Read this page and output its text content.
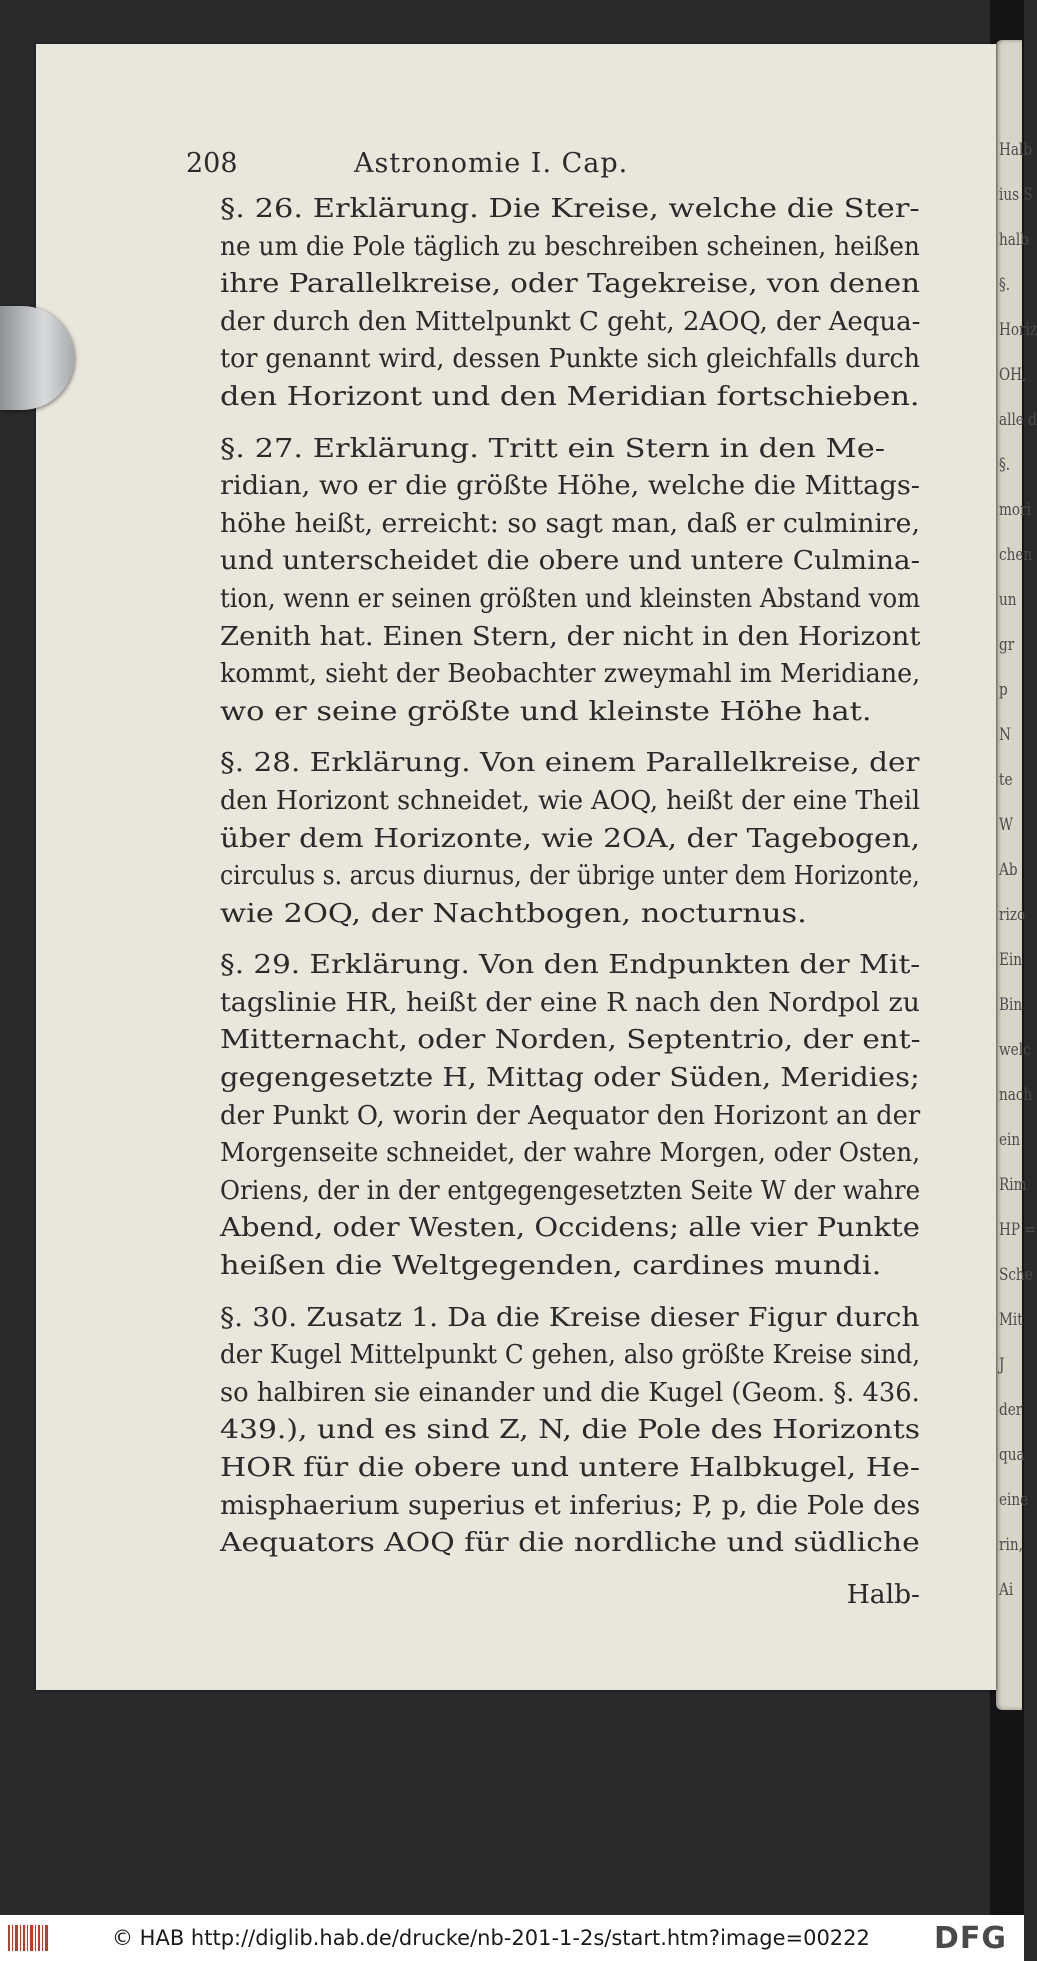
Halb
ius S
halb
§.
Horiz
OH,
alle d
§.
mori
chen
un
gr
p
N
te
W
Ab
rizo
Ein
Bin
welc
nach
ein
Rim
HP =
Sche
Mit
J
der
qua
eine
rin,
Ai
208	Astronomie I. Cap.
§. 26. Erklärung. Die Kreise, welche die Ster-
ne um die Pole täglich zu beschreiben scheinen, heißen
ihre Parallelkreise, oder Tagekreise, von denen
der durch den Mittelpunkt C geht, 2AOQ, der Aequa-
tor genannt wird, dessen Punkte sich gleichfalls durch
den Horizont und den Meridian fortschieben.
§. 27. Erklärung. Tritt ein Stern in den Me-
ridian, wo er die größte Höhe, welche die Mittags-
höhe heißt, erreicht: so sagt man, daß er culminire,
und unterscheidet die obere und untere Culmina-
tion, wenn er seinen größten und kleinsten Abstand vom
Zenith hat. Einen Stern, der nicht in den Horizont
kommt, sieht der Beobachter zweymahl im Meridiane,
wo er seine größte und kleinste Höhe hat.
§. 28. Erklärung. Von einem Parallelkreise, der
den Horizont schneidet, wie AOQ, heißt der eine Theil
über dem Horizonte, wie 2OA, der Tagebogen,
circulus s. arcus diurnus, der übrige unter dem Horizonte,
wie 2OQ, der Nachtbogen, nocturnus.
§. 29. Erklärung. Von den Endpunkten der Mit-
tagslinie HR, heißt der eine R nach den Nordpol zu
Mitternacht, oder Norden, Septentrio, der ent-
gegengesetzte H, Mittag oder Süden, Meridies;
der Punkt O, worin der Aequator den Horizont an der
Morgenseite schneidet, der wahre Morgen, oder Osten,
Oriens, der in der entgegengesetzten Seite W der wahre
Abend, oder Westen, Occidens; alle vier Punkte
heißen die Weltgegenden, cardines mundi.
§. 30. Zusatz 1. Da die Kreise dieser Figur durch
der Kugel Mittelpunkt C gehen, also größte Kreise sind,
so halbiren sie einander und die Kugel (Geom. §. 436.
439.), und es sind Z, N, die Pole des Horizonts
HOR für die obere und untere Halbkugel, He-
misphaerium superius et inferius; P, p, die Pole des
Aequators AOQ für die nordliche und südliche
Halb-
© HAB http://diglib.hab.de/drucke/nb-201-1-2s/start.htm?image=00222 DFG
